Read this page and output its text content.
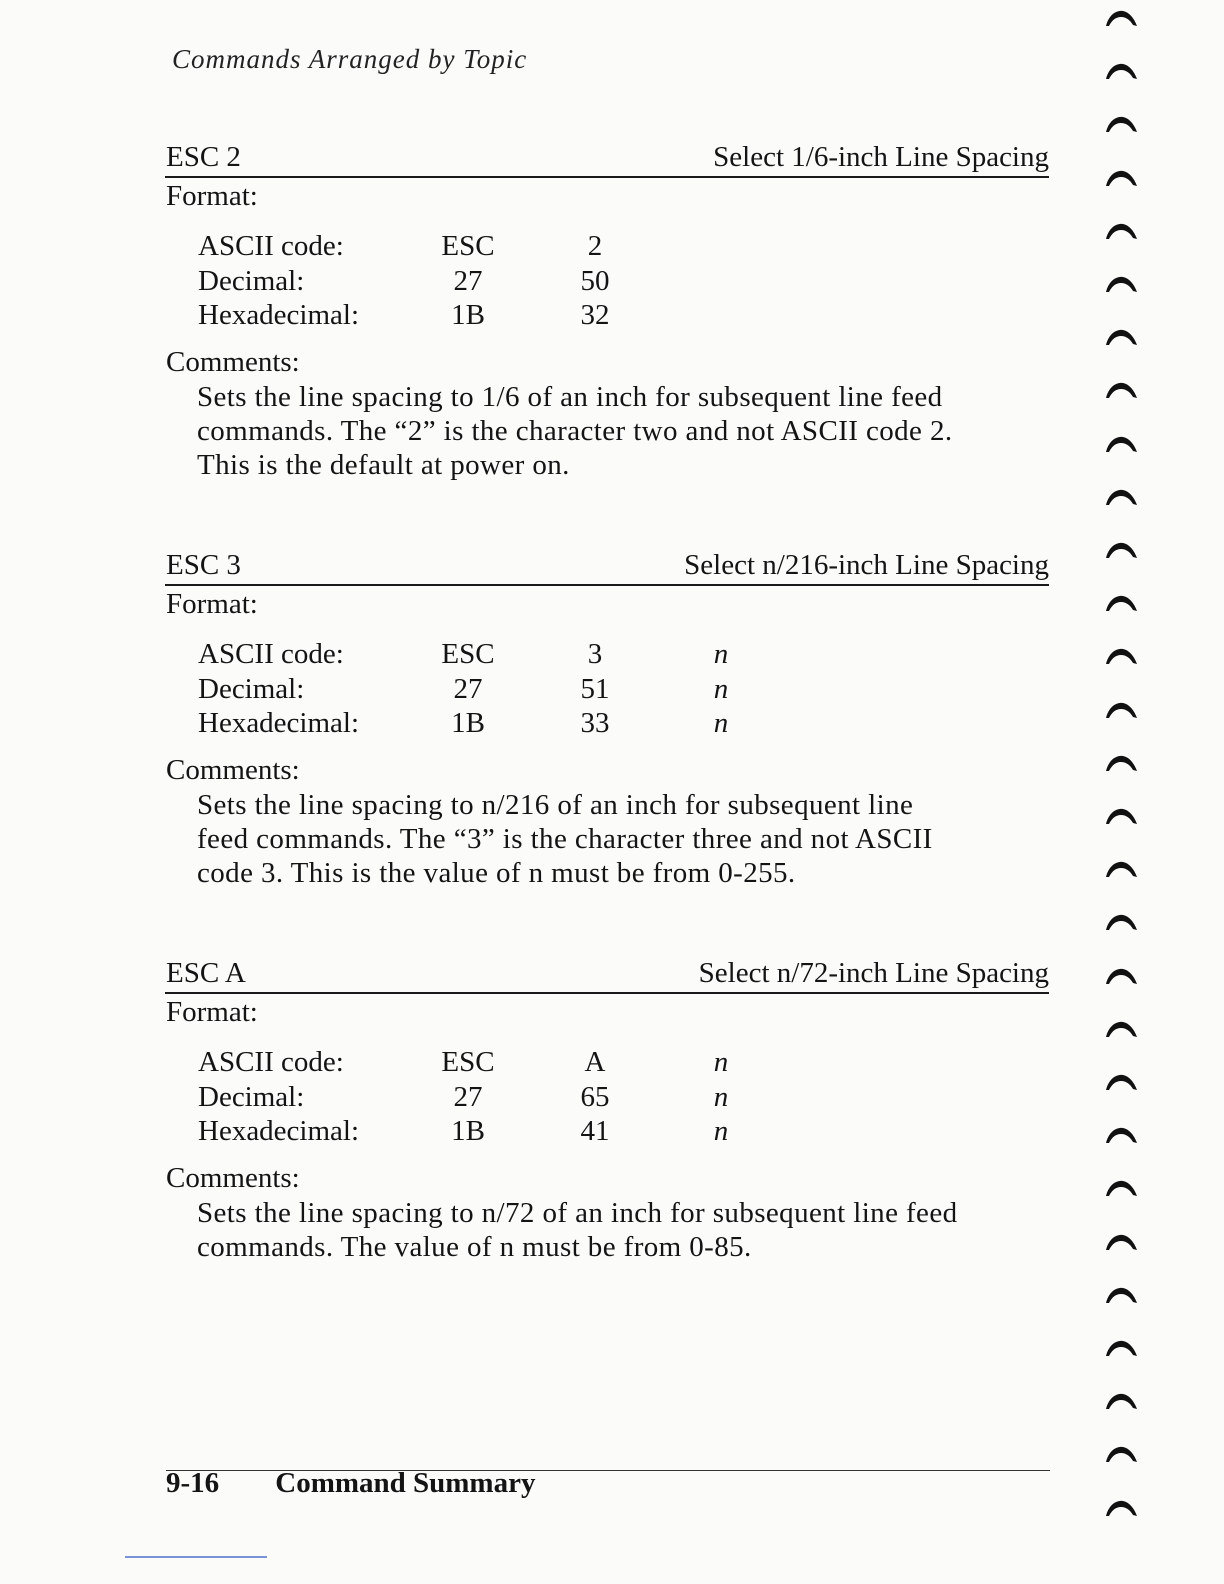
Commands Arranged by Topic
ESC 2	Select 1/6-inch Line Spacing
Format:
ASCII code:	ESC	2
Decimal:	27	50
Hexadecimal:	1B	32
Comments:

Sets the line spacing to 1/6 of an inch for subsequent line feed

commands. The “2” is the character two and not ASCII code 2.

This is the default at power on.

ESC 3	Select n/216-inch Line Spacing
Format:
ASCII code:	ESC	3	n
Decimal:	27	51	n
Hexadecimal:	1B	33	n
Comments:

Sets the line spacing to n/216 of an inch for subsequent line

feed commands. The “3” is the character three and not ASCII

code 3. This is the value of n must be from 0-255.

ESC A	Select n/72-inch Line Spacing
Format:
ASCII code:	ESC	A	n
Decimal:	27	65	n
Hexadecimal:	1B	41	n
Comments:

Sets the line spacing to n/72 of an inch for subsequent line feed

commands. The value of n must be from 0-85.

9-16 Command Summary
